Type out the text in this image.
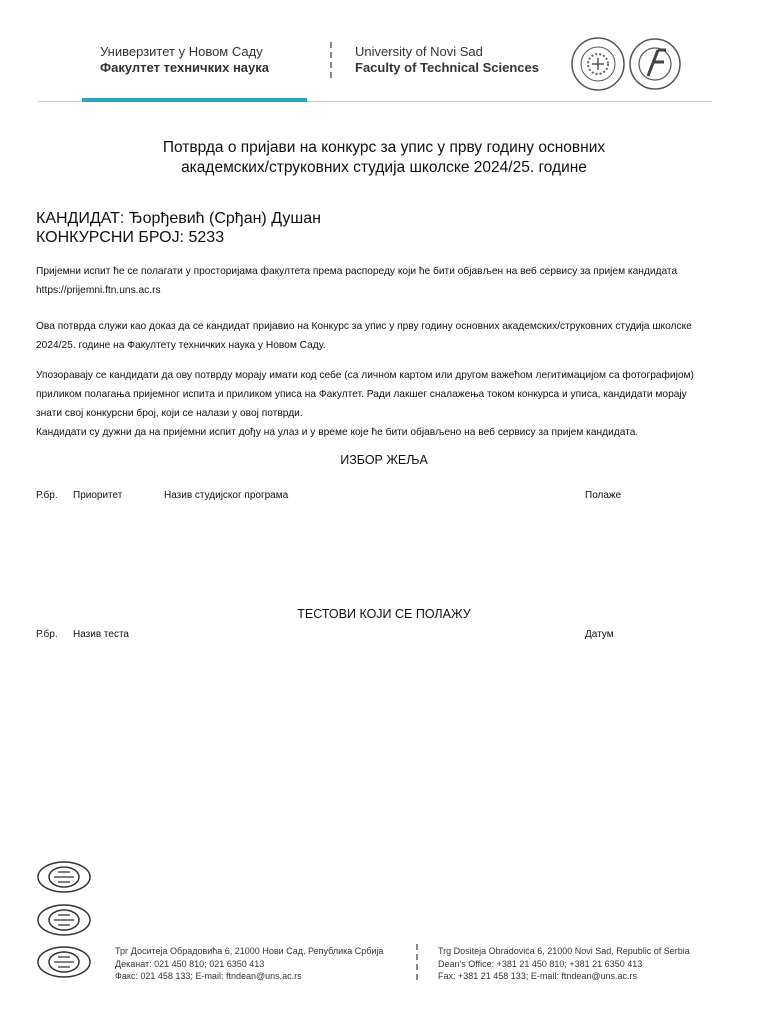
Универзитет у Новом Саду
Факултет техничких наука
University of Novi Sad
Faculty of Technical Sciences
Потврда о пријави на конкурс за упис у прву годину основних
академских/струковних студија школске 2024/25. године
КАНДИДАТ: Ђорђевић (Срђан) Душан
КОНКУРСНИ БРОЈ: 5233
Пријемни испит ће се полагати у просторијама факултета према распореду који ће бити објављен на веб сервису за пријем кандидата
https://prijemni.ftn.uns.ac.rs
Ова потврда служи као доказ да се кандидат пријавио на Конкурс за упис у прву годину основних академских/струковних студија школске
2024/25. године на Факултету техничких наука у Новом Саду.
Упозоравају се кандидати да ову потврду морају имати код себе (са личном картом или другом важећом легитимацијом са фотографијом)
приликом полагања пријемног испита и приликом уписа на Факултет. Ради лакшег сналажења током конкурса и уписа, кандидати морају
знати свој конкурсни број, који се налази у овој потврди.
Кандидати су дужни да на пријемни испит дођу на улаз и у време које ће бити објављено на веб сервису за пријем кандидата.
ИЗБОР ЖЕЉА
Р.бр. Приоритет	Назив студијског програма	Полаже
ТЕСТОВИ КОЈИ СЕ ПОЛАЖУ
Р.бр. Назив теста	Датум
Трг Доситеја Обрадовића 6, 21000 Нови Сад, Република Србија
Деканат: 021 450 810; 021 6350 413
Факс: 021 458 133; E-mail: ftndean@uns.ac.rs
Trg Dositeja Obradovića 6, 21000 Novi Sad, Republic of Serbia
Dean's Office: +381 21 450 810; +381 21 6350 413
Fax: +381 21 458 133; E-mail: ftndean@uns.ac.rs
